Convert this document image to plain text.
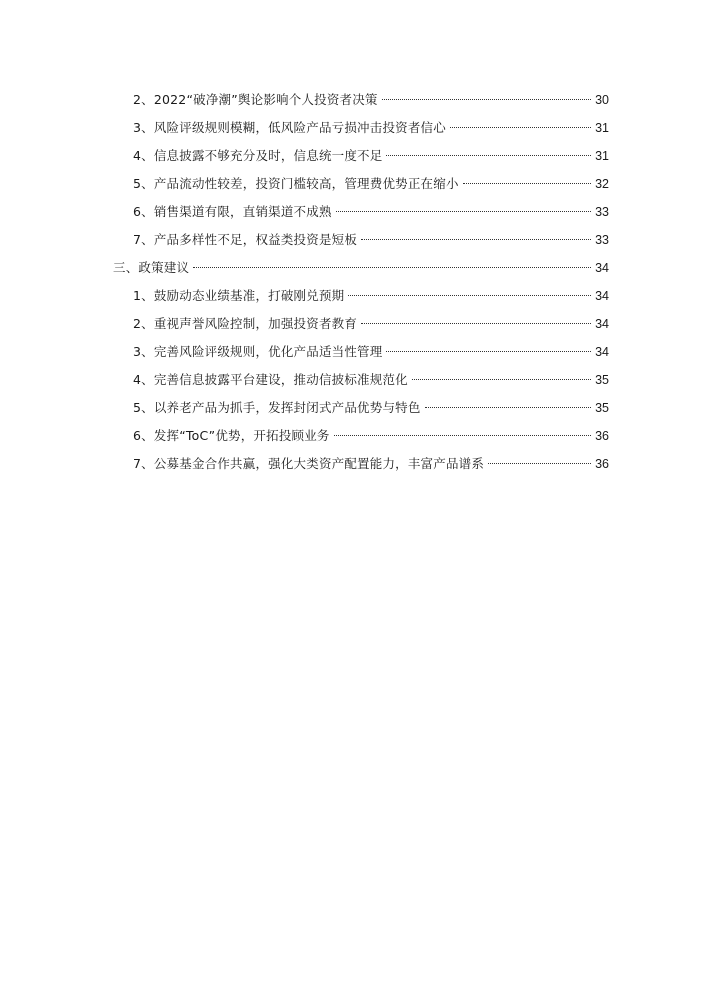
2、2022“破净潮”舆论影响个人投资者决策	30
3、风险评级规则模糊，低风险产品亏损冲击投资者信心	31
4、信息披露不够充分及时，信息统一度不足	31
5、产品流动性较差，投资门槛较高，管理费优势正在缩小	32
6、销售渠道有限，直销渠道不成熟	33
7、产品多样性不足，权益类投资是短板	33
三、政策建议	34
1、鼓励动态业绩基准，打破刚兑预期	34
2、重视声誉风险控制，加强投资者教育	34
3、完善风险评级规则，优化产品适当性管理	34
4、完善信息披露平台建设，推动信披标准规范化	35
5、以养老产品为抓手，发挥封闭式产品优势与特色	35
6、发挥“ToC”优势，开拓投顾业务	36
7、公募基金合作共赢，强化大类资产配置能力，丰富产品谱系	36
